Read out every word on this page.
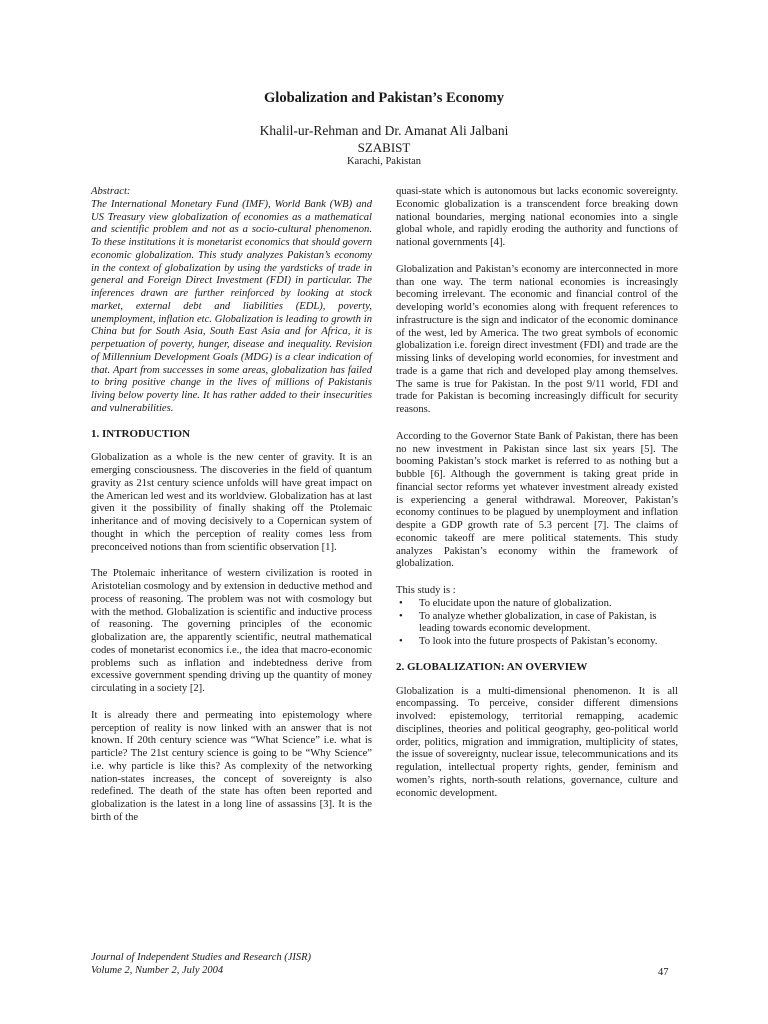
Globalization and Pakistan’s Economy
Khalil-ur-Rehman and Dr. Amanat Ali Jalbani
SZABIST
Karachi, Pakistan
Abstract:
The International Monetary Fund (IMF), World Bank (WB) and US Treasury view globalization of economies as a mathematical and scientific problem and not as a socio-cultural phenomenon. To these institutions it is monetarist economics that should govern economic globalization. This study analyzes Pakistan’s economy in the context of globalization by using the yardsticks of trade in general and Foreign Direct Investment (FDI) in particular. The inferences drawn are further reinforced by looking at stock market, external debt and liabilities (EDL), poverty, unemployment, inflation etc. Globalization is leading to growth in China but for South Asia, South East Asia and for Africa, it is perpetuation of poverty, hunger, disease and inequality. Revision of Millennium Development Goals (MDG) is a clear indication of that. Apart from successes in some areas, globalization has failed to bring positive change in the lives of millions of Pakistanis living below poverty line. It has rather added to their insecurities and vulnerabilities.
1. INTRODUCTION
Globalization as a whole is the new center of gravity. It is an emerging consciousness. The discoveries in the field of quantum gravity as 21st century science unfolds will have great impact on the American led west and its worldview. Globalization has at last given it the possibility of finally shaking off the Ptolemaic inheritance and of moving decisively to a Copernican system of thought in which the perception of reality comes less from preconceived notions than from scientific observation [1].
The Ptolemaic inheritance of western civilization is rooted in Aristotelian cosmology and by extension in deductive method and process of reasoning. The problem was not with cosmology but with the method. Globalization is scientific and inductive process of reasoning. The governing principles of the economic globalization are, the apparently scientific, neutral mathematical codes of monetarist economics i.e., the idea that macro-economic problems such as inflation and indebtedness derive from excessive government spending driving up the quantity of money circulating in a society [2].
It is already there and permeating into epistemology where perception of reality is now linked with an answer that is not known. If 20th century science was “What Science” i.e. what is particle? The 21st century science is going to be “Why Science” i.e. why particle is like this? As complexity of the networking nation-states increases, the concept of sovereignty is also redefined. The death of the state has often been reported and globalization is the latest in a long line of assassins [3]. It is the birth of the
quasi-state which is autonomous but lacks economic sovereignty. Economic globalization is a transcendent force breaking down national boundaries, merging national economies into a single global whole, and rapidly eroding the authority and functions of national governments [4].
Globalization and Pakistan’s economy are interconnected in more than one way. The term national economies is increasingly becoming irrelevant. The economic and financial control of the developing world’s economies along with frequent references to infrastructure is the sign and indicator of the economic dominance of the west, led by America. The two great symbols of economic globalization i.e. foreign direct investment (FDI) and trade are the missing links of developing world economies, for investment and trade is a game that rich and developed play among themselves. The same is true for Pakistan. In the post 9/11 world, FDI and trade for Pakistan is becoming increasingly difficult for security reasons.
According to the Governor State Bank of Pakistan, there has been no new investment in Pakistan since last six years [5]. The booming Pakistan’s stock market is referred to as nothing but a bubble [6]. Although the government is taking great pride in financial sector reforms yet whatever investment already existed is experiencing a general withdrawal. Moreover, Pakistan’s economy continues to be plagued by unemployment and inflation despite a GDP growth rate of 5.3 percent [7]. The claims of economic takeoff are mere political statements. This study analyzes Pakistan’s economy within the framework of globalization.
This study is :
• To elucidate upon the nature of globalization.
• To analyze whether globalization, in case of Pakistan, is leading towards economic development.
• To look into the future prospects of Pakistan’s economy.
2. GLOBALIZATION: AN OVERVIEW
Globalization is a multi-dimensional phenomenon. It is all encompassing. To perceive, consider different dimensions involved: epistemology, territorial remapping, academic disciplines, theories and political geography, geo-political world order, politics, migration and immigration, multiplicity of states, the issue of sovereignty, nuclear issue, telecommunications and its regulation, intellectual property rights, gender, feminism and women’s rights, north-south relations, governance, culture and economic development.
Journal of Independent Studies and Research (JISR)
Volume 2, Number 2, July 2004	47
